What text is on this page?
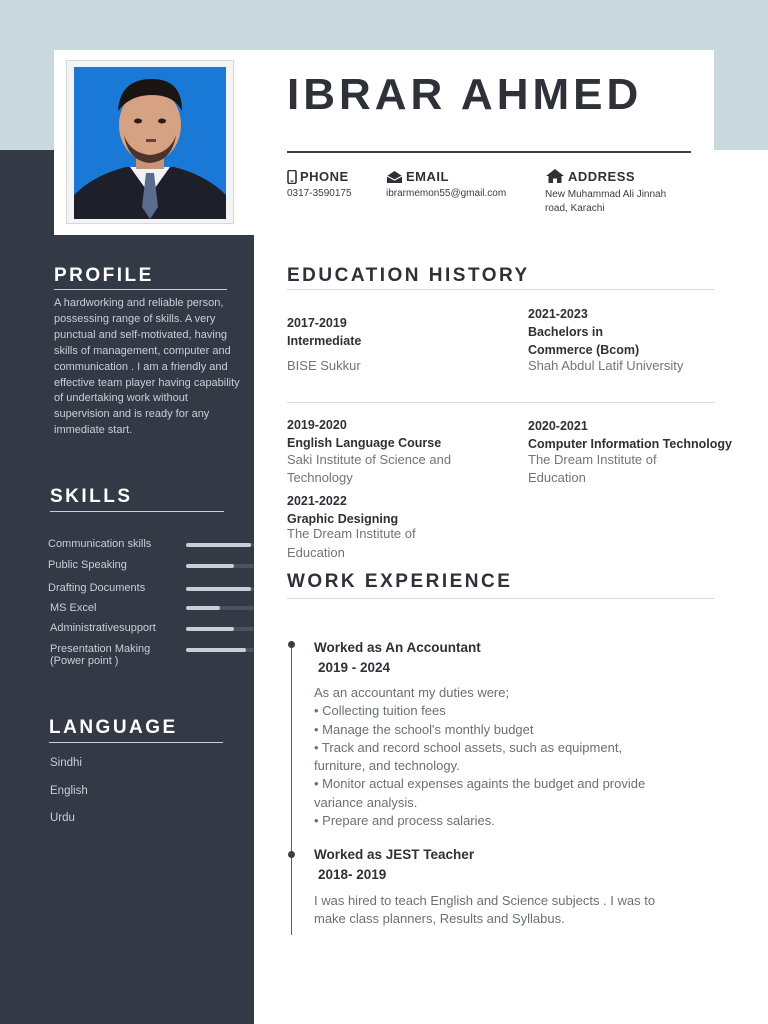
IBRAR AHMED
PHONE
0317-3590175
EMAIL
ibrarmemon55@gmail.com
ADDRESS
New Muhammad Ali Jinnah
road, Karachi
PROFILE
A hardworking and reliable person, possessing range of skills. A very punctual and self-motivated, having skills of management, computer and communication . I am a friendly and effective team player having capability of undertaking work without supervision and is ready for any immediate start.
SKILLS
Communication skills
Public Speaking
Drafting Documents
MS Excel
Administrativesupport
Presentation Making
(Power point )
LANGUAGE
Sindhi
English
Urdu
EDUCATION HISTORY
2017-2019
Intermediate
BISE Sukkur
2021-2023
Bachelors in
Commerce (Bcom)
Shah Abdul Latif University
2019-2020
English Language Course
Saki Institute of Science and
Technology
2020-2021
Computer Information Technology
The Dream Institute of
Education
2021-2022
Graphic Designing
The Dream Institute of
Education
WORK EXPERIENCE
Worked as An Accountant
2019 - 2024
As an accountant my duties were;
• Collecting tuition fees
• Manage the school's monthly budget
• Track and record school assets, such as equipment,
furniture, and technology.
• Monitor actual expenses againts the budget and provide
variance analysis.
• Prepare and process salaries.
Worked as JEST Teacher
2018- 2019
I was hired to teach English and Science subjects . I was to
make class planners, Results and Syllabus.
